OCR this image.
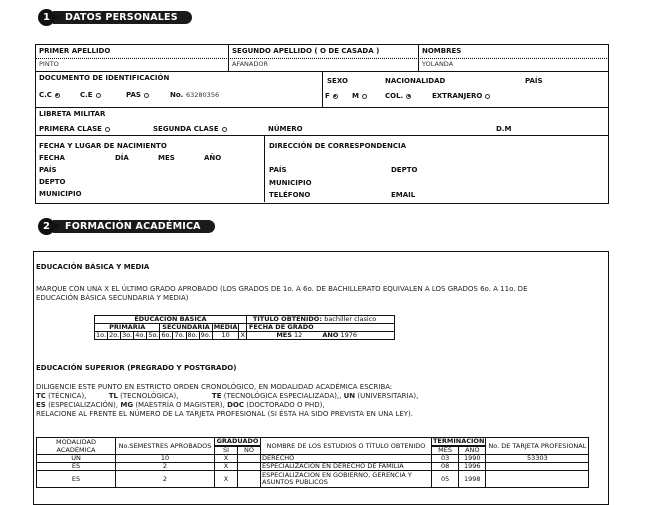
1	DATOS PERSONALES
PRIMER APELLIDO
PINTO
SEGUNDO APELLIDO ( O DE CASADA )
AFANADOR
NOMBRES
YOLANDA
DOCUMENTO DE IDENTIFICACIÓN
C.C	C.E	PAS	No. 63280356
SEXO
F	M
NACIONALIDAD
COL.	EXTRANJERO
PAÍS
LIBRETA MILITAR
PRIMERA CLASE	SEGUNDA CLASE	NÚMERO	D.M
FECHA Y LUGAR DE NACIMIENTO
FECHA	DÍA	MES	AÑO
PAÍS
DEPTO
MUNICIPIO
DIRECCIÓN DE CORRESPONDENCIA
PAÍS	DEPTO
MUNICIPIO
TELÉFONO	EMAIL
2	FORMACIÓN ACADÉMICA
EDUCACIÓN BÁSICA Y MEDIA
MARQUE CON UNA X EL ÚLTIMO GRADO APROBADO (LOS GRADOS DE 1o. A 6o. DE BACHILLERATO EQUIVALEN A LOS GRADOS 6o. A 11o. DE
EDUCACIÓN BÁSICA SECUNDARIA Y MEDIA)
EDUCACIÓN BÁSICA											TÍTULO OBTENIDO: bachiller clasico		
PRIMARIA					SECUNDARIA				MEDIA		FECHA DE GRADO		
1o.	2o.	3o.	4o.	5o.	6o.	7o.	8o.	9o.	10	X	MES 12		AÑO 1976
EDUCACIÓN SUPERIOR (PREGRADO Y POSTGRADO)
DILIGENCIE ESTE PUNTO EN ESTRICTO ORDEN CRONOLÓGICO, EN MODALIDAD ACADÉMICA ESCRIBA:
TC (TÉCNICA),	TL (TECNOLÓGICA),	TE (TECNOLÓGICA ESPECIALIZADA),, UN (UNIVERSITARIA),
ES (ESPECIALIZACIÓN), MG (MAESTRÍA O MAGISTER), DOC (DOCTORADO O PHD),
RELACIONE AL FRENTE EL NÚMERO DE LA TARJETA PROFESIONAL (SI ÉSTA HA SIDO PREVISTA EN UNA LEY).
MODALIDAD ACADÉMICA	No.SEMESTRES APROBADOS	GRADUADO		NOMBRE DE LOS ESTUDIOS O TÍTULO OBTENIDO	TERMINACIÓN		No. DE TARJETA PROFESIONAL
		SI	NO		MES	AÑO	
UN	10	X		DERECHO	03	1990	53303
ES	2	X		ESPECIALIZACION EN DERECHO DE FAMILIA	08	1996	
ES	2	X		ESPECIALIZACION EN GOBIERNO, GERENCIA Y ASUNTOS PUBLICOS	05	1998	
